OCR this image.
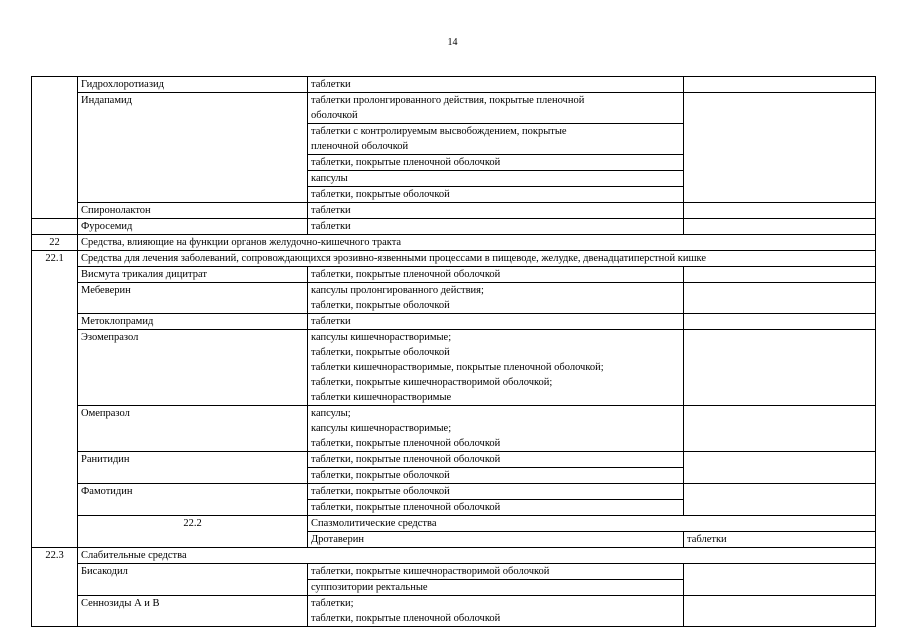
14
	Гидрохлоротиазид	таблетки		
	Индапамид	таблетки пролонгированного действия, покрытые пленочной
оболочкой		
		таблетки с контролируемым высвобождением, покрытые
пленочной оболочкой		
		таблетки, покрытые пленочной оболочкой		
		капсулы		
		таблетки, покрытые оболочкой		
	Спиронолактон	таблетки		
	Фуросемид	таблетки		
22	Средства, влияющие на функции органов желудочно-кишечного тракта			
22.1	Средства для лечения заболеваний, сопровождающихся эрозивно-язвенными процессами в пищеводе, желудке, двенадцатиперстной кишке			
	Висмута трикалия дицитрат	таблетки, покрытые пленочной оболочкой		
	Мебеверин	капсулы пролонгированного действия;
таблетки, покрытые оболочкой		
	Метоклопрамид	таблетки		
	Эзомепразол	капсулы кишечнорастворимые;
таблетки, покрытые оболочкой
таблетки кишечнорастворимые, покрытые пленочной оболочкой;
таблетки, покрытые кишечнорастворимой оболочкой;
таблетки кишечнорастворимые		
	Омепразол	капсулы;
капсулы кишечнорастворимые;
таблетки, покрытые пленочной оболочкой		
	Ранитидин	таблетки, покрытые пленочной оболочкой		
		таблетки, покрытые оболочкой		
	Фамотидин	таблетки, покрытые оболочкой		
		таблетки, покрытые пленочной оболочкой		
	22.2	Спазмолитические средства		
		Дротаверин	таблетки	
22.3	Слабительные средства			
	Бисакодил	таблетки, покрытые кишечнорастворимой оболочкой		
		суппозитории ректальные		
	Сеннозиды А и В	таблетки;
таблетки, покрытые пленочной оболочкой		
